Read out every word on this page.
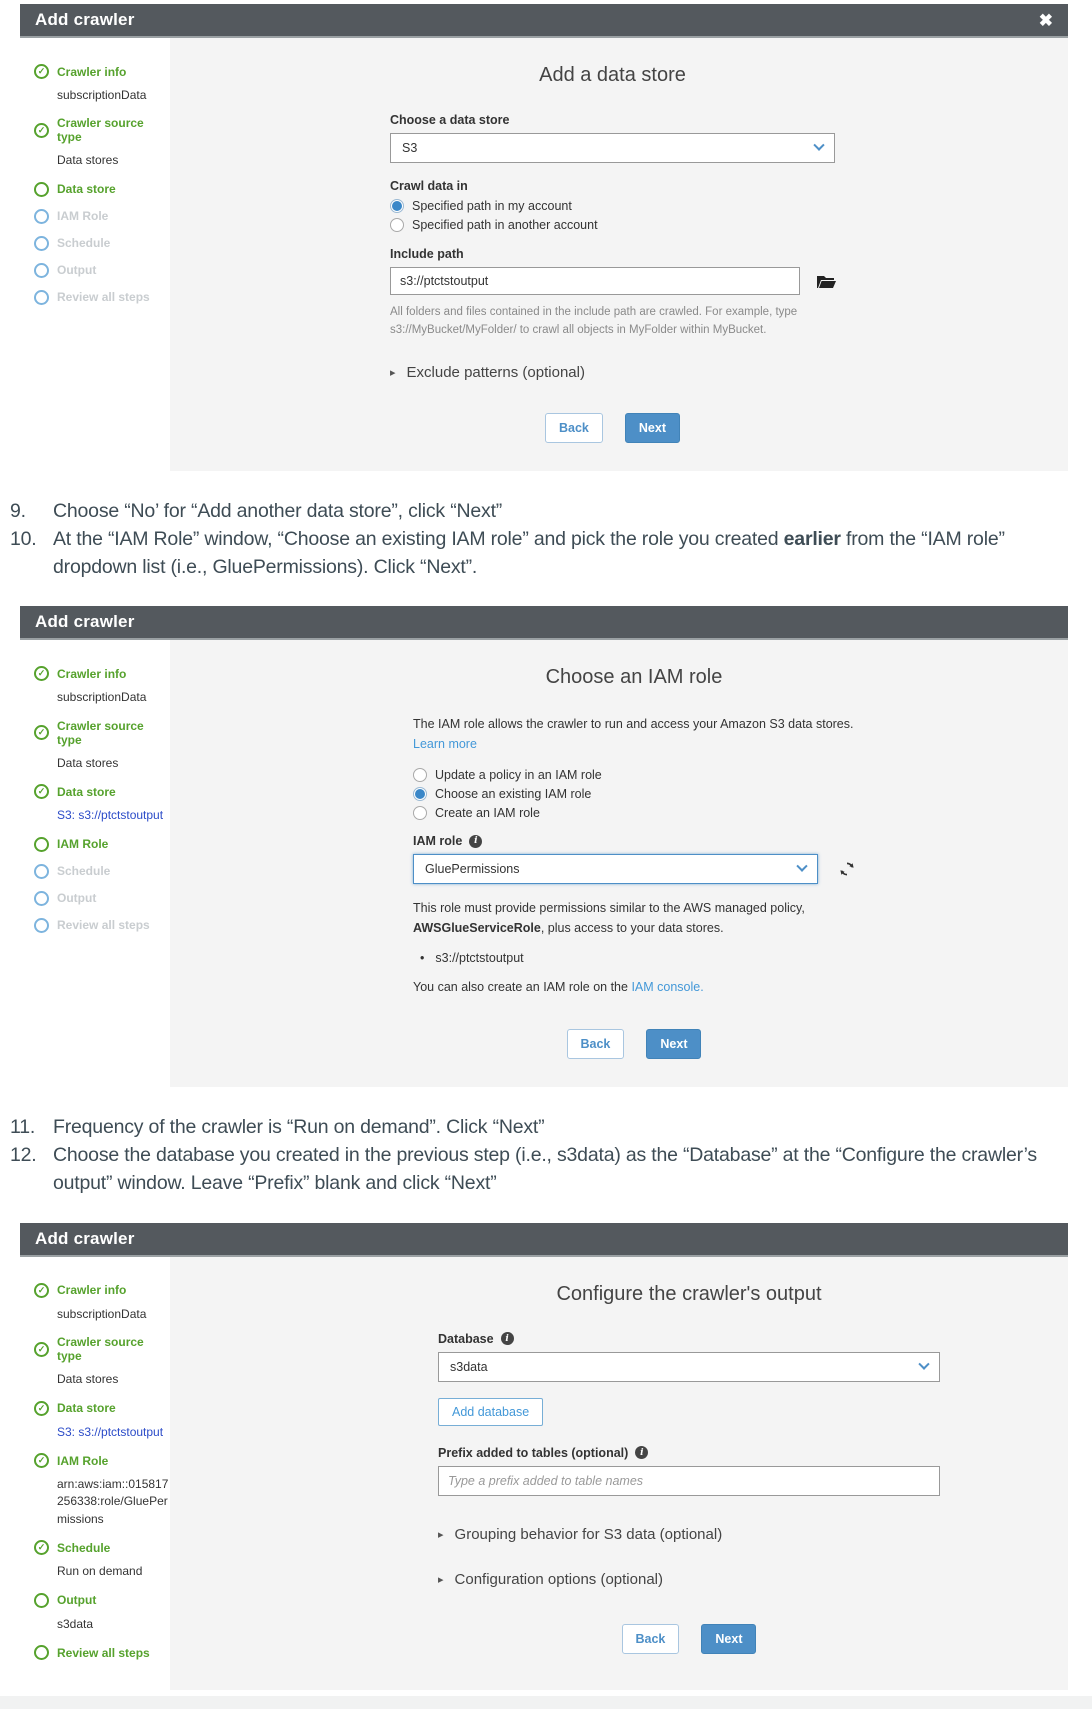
Add crawler	✖
✓ Crawler info
subscriptionData
✓ Crawler source type
Data stores
Data store
IAM Role
Schedule
Output
Review all steps
Add a data store
Choose a data store
S3
Crawl data in
Specified path in my account
Specified path in another account
Include path
s3://ptctstoutput
All folders and files contained in the include path are crawled. For example, type s3://MyBucket/MyFolder/ to crawl all objects in MyFolder within MyBucket.
▸ Exclude patterns (optional)
Back	Next
9.	Choose “No’ for “Add another data store”, click “Next”
10. At the “IAM Role” window, “Choose an existing IAM role” and pick the role you created earlier from the “IAM role” dropdown list (i.e., GluePermissions). Click “Next”.
Add crawler
✓ Crawler info
subscriptionData
✓ Crawler source type
Data stores
✓ Data store
S3: s3://ptctstoutput
IAM Role
Schedule
Output
Review all steps
Choose an IAM role
The IAM role allows the crawler to run and access your Amazon S3 data stores. Learn more
Update a policy in an IAM role
Choose an existing IAM role
Create an IAM role
IAM role	i
GluePermissions
This role must provide permissions similar to the AWS managed policy, AWSGlueServiceRole, plus access to your data stores.
• s3://ptctstoutput
You can also create an IAM role on the IAM console.
Back	Next
11. Frequency of the crawler is “Run on demand”. Click “Next”
12. Choose the database you created in the previous step (i.e., s3data) as the “Database” at the “Configure the crawler’s output” window. Leave “Prefix” blank and click “Next”
Add crawler
✓ Crawler info
subscriptionData
✓ Crawler source type
Data stores
✓ Data store
S3: s3://ptctstoutput
✓ IAM Role
arn:aws:iam::015817256338:role/GluePermissions
✓ Schedule
Run on demand
Output
s3data
Review all steps
Configure the crawler's output
Database	i
s3data
Add database
Prefix added to tables (optional)	i
Type a prefix added to table names
▸ Grouping behavior for S3 data (optional)
▸ Configuration options (optional)
Back	Next
